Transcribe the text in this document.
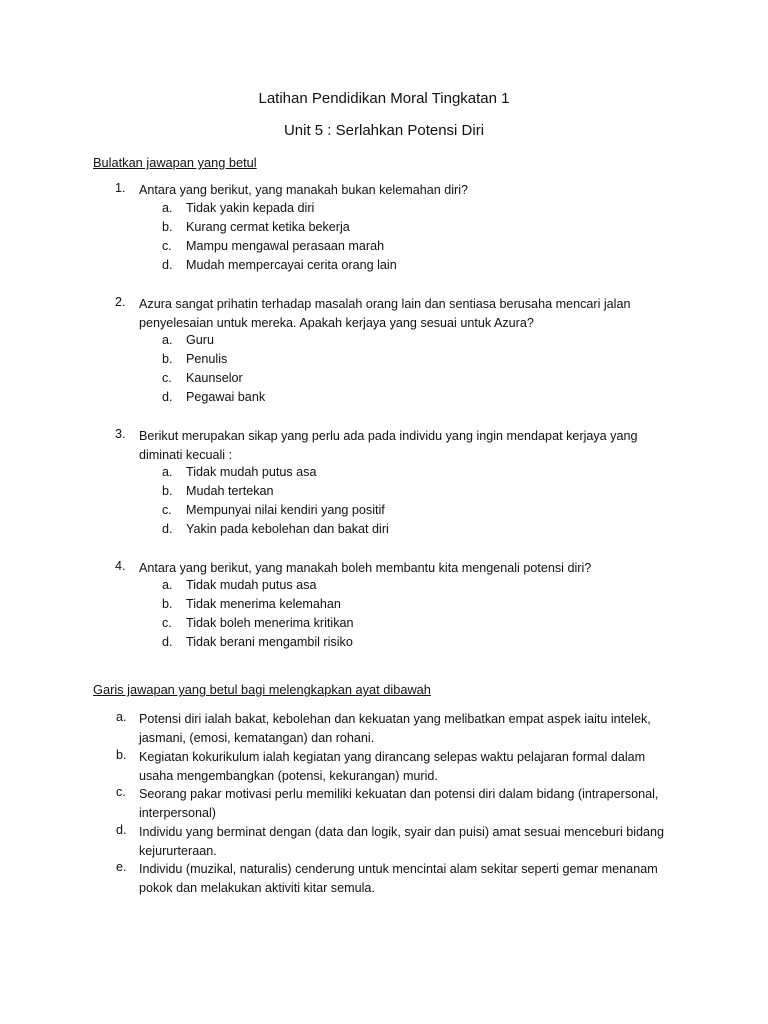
Latihan Pendidikan Moral Tingkatan 1
Unit 5 : Serlahkan Potensi Diri

Bulatkan jawapan yang betul

1. Antara yang berikut, yang manakah bukan kelemahan diri?
a. Tidak yakin kepada diri
b. Kurang cermat ketika bekerja
c. Mampu mengawal perasaan marah
d. Mudah mempercayai cerita orang lain
2. Azura sangat prihatin terhadap masalah orang lain dan sentiasa berusaha mencari jalan penyelesaian untuk mereka. Apakah kerjaya yang sesuai untuk Azura?
a. Guru
b. Penulis
c. Kaunselor
d. Pegawai bank
3. Berikut merupakan sikap yang perlu ada pada individu yang ingin mendapat kerjaya yang diminati kecuali :
a. Tidak mudah putus asa
b. Mudah tertekan
c. Mempunyai nilai kendiri yang positif
d. Yakin pada kebolehan dan bakat diri
4. Antara yang berikut, yang manakah boleh membantu kita mengenali potensi diri?
a. Tidak mudah putus asa
b. Tidak menerima kelemahan
c. Tidak boleh menerima kritikan
d. Tidak berani mengambil risiko

Garis jawapan yang betul bagi melengkapkan ayat dibawah

a. Potensi diri ialah bakat, kebolehan dan kekuatan yang melibatkan empat aspek iaitu intelek, jasmani, (emosi, kematangan) dan rohani.
b. Kegiatan kokurikulum ialah kegiatan yang dirancang selepas waktu pelajaran formal dalam usaha mengembangkan (potensi, kekurangan) murid.
c. Seorang pakar motivasi perlu memiliki kekuatan dan potensi diri dalam bidang (intrapersonal, interpersonal)
d. Individu yang berminat dengan (data dan logik, syair dan puisi) amat sesuai menceburi bidang kejururteraan.
e. Individu (muzikal, naturalis) cenderung untuk mencintai alam sekitar seperti gemar menanam pokok dan melakukan aktiviti kitar semula.
